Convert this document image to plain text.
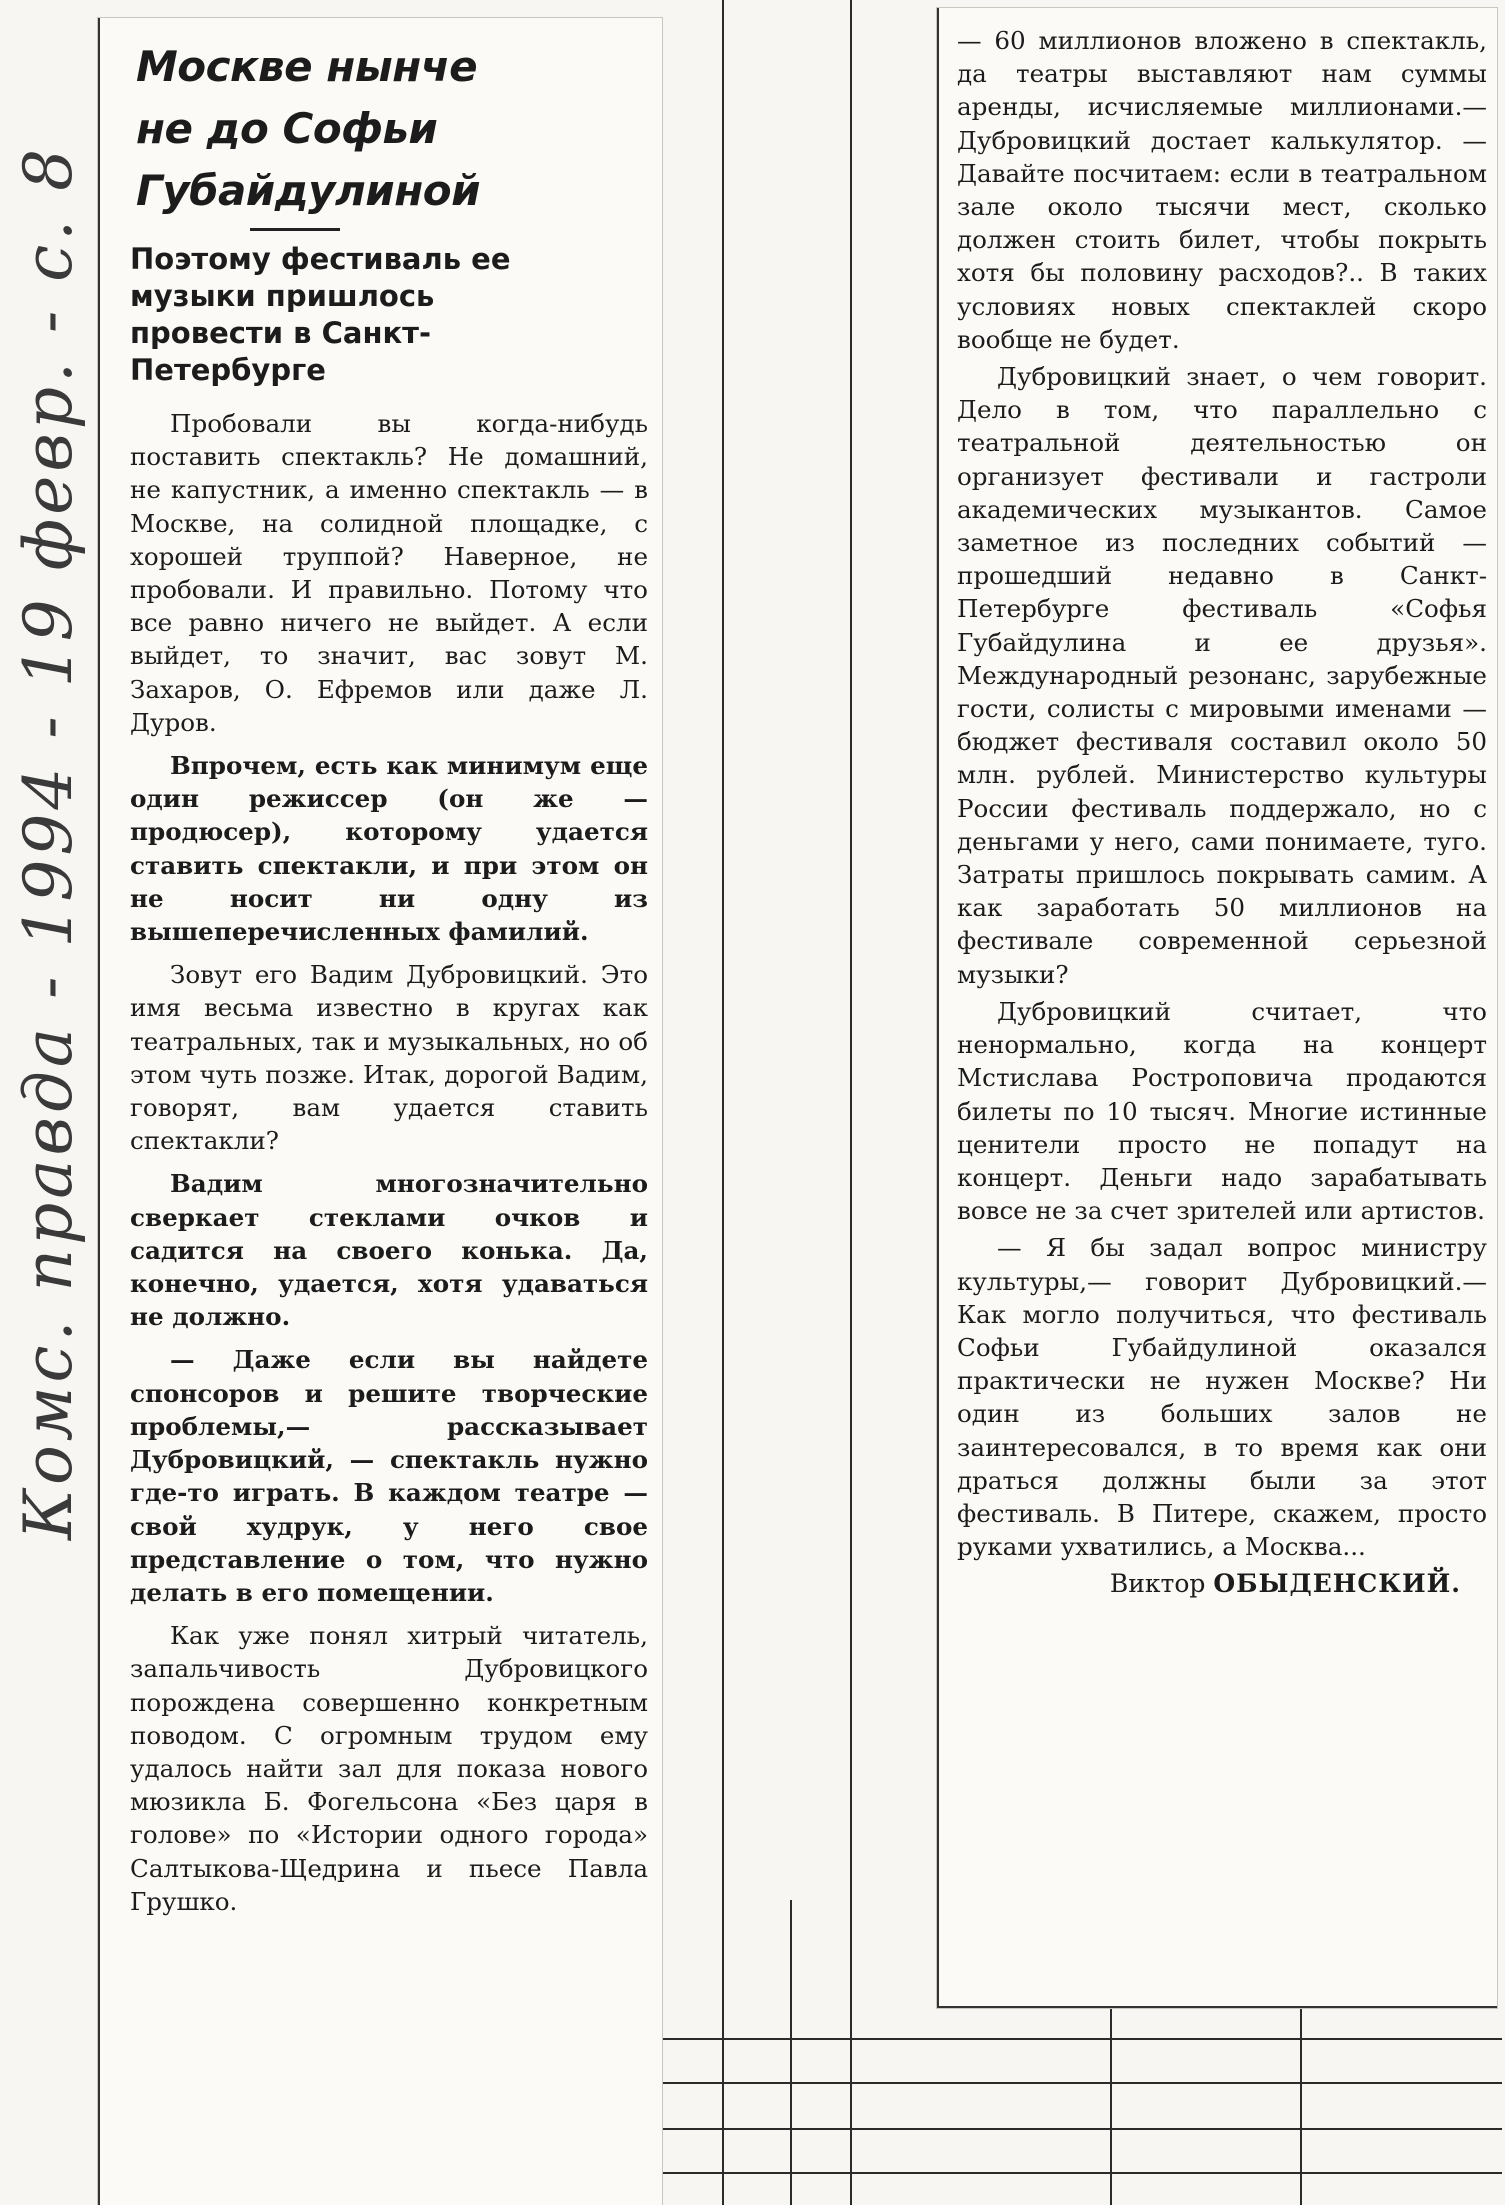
Комс. правда - 1994 - 19 февр. - с. 8
Москве нынче
не до Софьи
Губайдулиной
Поэтому фестиваль ее
музыки пришлось
провести в Санкт-
Петербурге

Пробовали вы когда-нибудь поставить спектакль? Не домашний, не капустник, а именно спектакль — в Москве, на солидной площадке, с хорошей труппой? Наверное, не пробовали. И правильно. Потому что все равно ничего не выйдет. А если выйдет, то значит, вас зовут М. Захаров, О. Ефремов или даже Л. Дуров.

Впрочем, есть как минимум еще один режиссер (он же — продюсер), которому удается ставить спектакли, и при этом он не носит ни одну из вышеперечисленных фамилий.

Зовут его Вадим Дубровицкий. Это имя весьма известно в кругах как театральных, так и музыкальных, но об этом чуть позже. Итак, дорогой Вадим, говорят, вам удается ставить спектакли?

Вадим многозначительно сверкает стеклами очков и садится на своего конька. Да, конечно, удается, хотя удаваться не должно.

— Даже если вы найдете спонсоров и решите творческие проблемы,— рассказывает Дубровицкий, — спектакль нужно где-то играть. В каждом театре — свой худрук, у него свое представление о том, что нужно делать в его помещении.

Как уже понял хитрый читатель, запальчивость Дубровицкого порождена совершенно конкретным поводом. С огромным трудом ему удалось найти зал для показа нового мюзикла Б. Фогельсона «Без царя в голове» по «Истории одного города» Салтыкова-Щедрина и пьесе Павла Грушко.

— 60 миллионов вложено в спектакль, да театры выставляют нам суммы аренды, исчисляемые миллионами.— Дубровицкий достает калькулятор. — Давайте посчитаем: если в театральном зале около тысячи мест, сколько должен стоить билет, чтобы покрыть хотя бы половину расходов?.. В таких условиях новых спектаклей скоро вообще не будет.

Дубровицкий знает, о чем говорит. Дело в том, что параллельно с театральной деятельностью он организует фестивали и гастроли академических музыкантов. Самое заметное из последних событий — прошедший недавно в Санкт-Петербурге фестиваль «Софья Губайдулина и ее друзья». Международный резонанс, зарубежные гости, солисты с мировыми именами — бюджет фестиваля составил около 50 млн. рублей. Министерство культуры России фестиваль поддержало, но с деньгами у него, сами понимаете, туго. Затраты пришлось покрывать самим. А как заработать 50 миллионов на фестивале современной серьезной музыки?

Дубровицкий считает, что ненормально, когда на концерт Мстислава Ростроповича продаются билеты по 10 тысяч. Многие истинные ценители просто не попадут на концерт. Деньги надо зарабатывать вовсе не за счет зрителей или артистов.

— Я бы задал вопрос министру культуры,— говорит Дубровицкий.— Как могло получиться, что фестиваль Софьи Губайдулиной оказался практически не нужен Москве? Ни один из больших залов не заинтересовался, в то время как они драться должны были за этот фестиваль. В Питере, скажем, просто руками ухватились, а Москва...

Виктор ОБЫДЕНСКИЙ.
